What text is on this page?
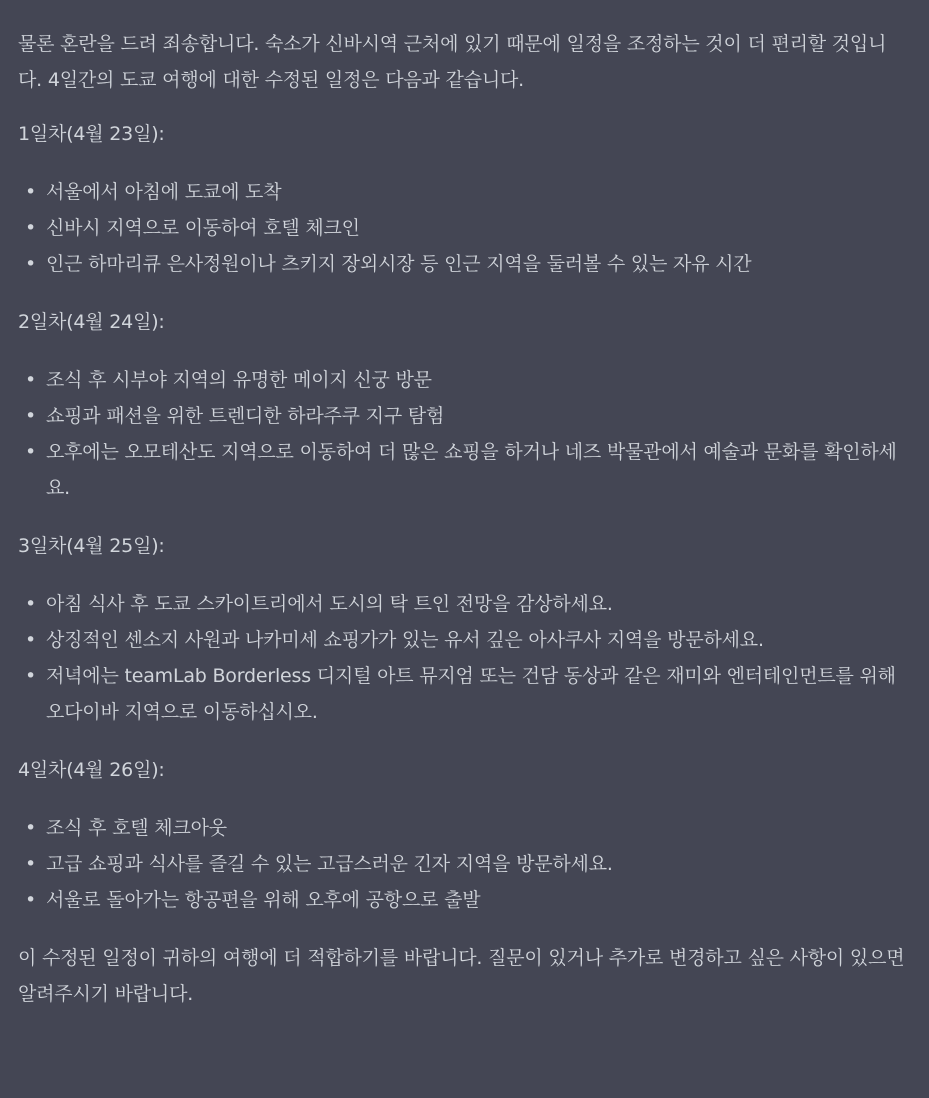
물론 혼란을 드려 죄송합니다. 숙소가 신바시역 근처에 있기 때문에 일정을 조정하는 것이 더 편리할 것입니다. 4일간의 도쿄 여행에 대한 수정된 일정은 다음과 같습니다.

1일차(4월 23일):

• 서울에서 아침에 도쿄에 도착
• 신바시 지역으로 이동하여 호텔 체크인
• 인근 하마리큐 은사정원이나 츠키지 장외시장 등 인근 지역을 둘러볼 수 있는 자유 시간

2일차(4월 24일):

• 조식 후 시부야 지역의 유명한 메이지 신궁 방문
• 쇼핑과 패션을 위한 트렌디한 하라주쿠 지구 탐험
• 오후에는 오모테산도 지역으로 이동하여 더 많은 쇼핑을 하거나 네즈 박물관에서 예술과 문화를 확인하세요.

3일차(4월 25일):

• 아침 식사 후 도쿄 스카이트리에서 도시의 탁 트인 전망을 감상하세요.
• 상징적인 센소지 사원과 나카미세 쇼핑가가 있는 유서 깊은 아사쿠사 지역을 방문하세요.
• 저녁에는 teamLab Borderless 디지털 아트 뮤지엄 또는 건담 동상과 같은 재미와 엔터테인먼트를 위해 오다이바 지역으로 이동하십시오.

4일차(4월 26일):

• 조식 후 호텔 체크아웃
• 고급 쇼핑과 식사를 즐길 수 있는 고급스러운 긴자 지역을 방문하세요.
• 서울로 돌아가는 항공편을 위해 오후에 공항으로 출발

이 수정된 일정이 귀하의 여행에 더 적합하기를 바랍니다. 질문이 있거나 추가로 변경하고 싶은 사항이 있으면 알려주시기 바랍니다.
